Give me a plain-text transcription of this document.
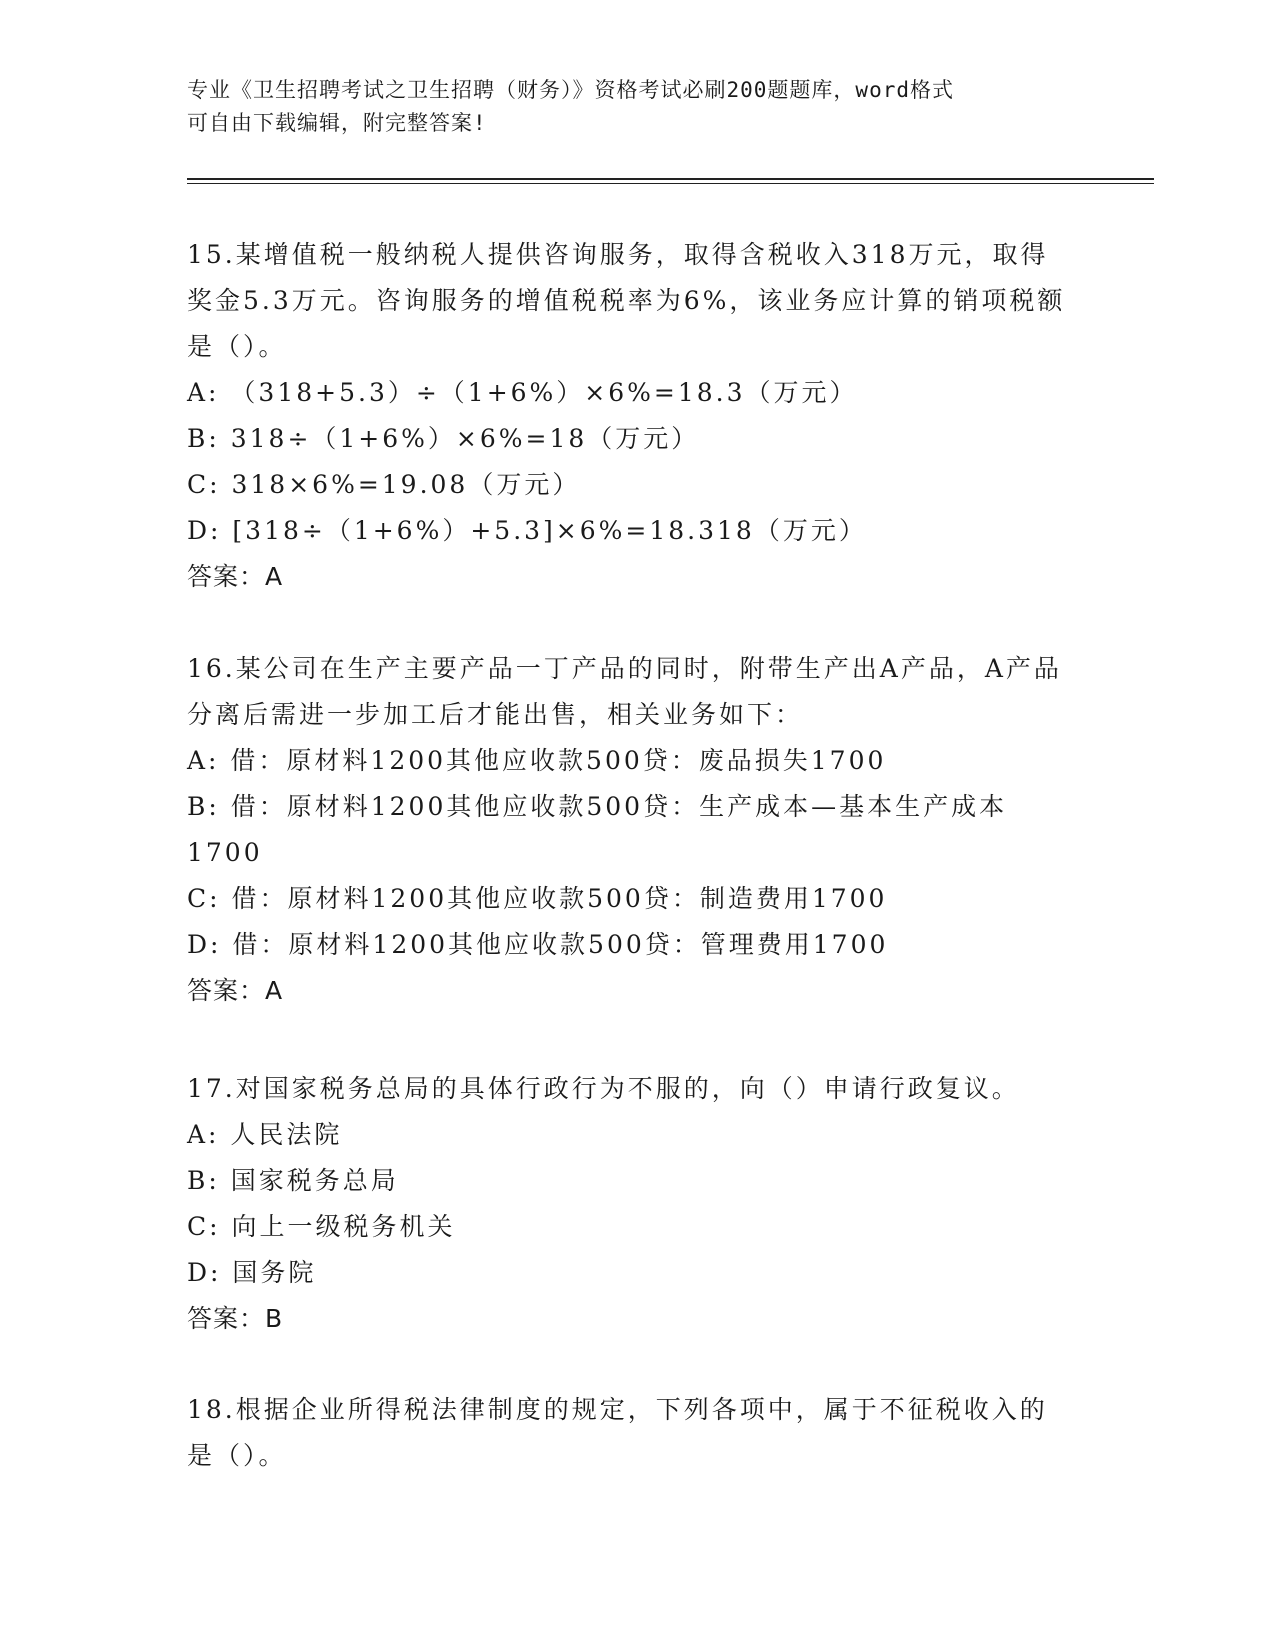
专业《卫生招聘考试之卫生招聘（财务）》资格考试必刷200题题库，word格式
可自由下载编辑，附完整答案!

15.某增值税一般纳税人提供咨询服务，取得含税收入318万元，取得奖金5.3万元。咨询服务的增值税税率为6%，该业务应计算的销项税额是（）。

A: （318+5.3）÷（1+6%）×6%=18.3（万元）

B: 318÷（1+6%）×6%=18（万元）

C: 318×6%=19.08（万元）

D: [318÷（1+6%）+5.3]×6%=18.318（万元）

答案：A

16.某公司在生产主要产品一丁产品的同时，附带生产出A产品，A产品分离后需进一步加工后才能出售，相关业务如下：

A: 借：原材料1200其他应收款500贷：废品损失1700

B: 借：原材料1200其他应收款500贷：生产成本—基本生产成本1700

C: 借：原材料1200其他应收款500贷：制造费用1700

D: 借：原材料1200其他应收款500贷：管理费用1700

答案：A

17.对国家税务总局的具体行政行为不服的，向（）申请行政复议。

A: 人民法院

B: 国家税务总局

C: 向上一级税务机关

D: 国务院

答案：B

18.根据企业所得税法律制度的规定，下列各项中，属于不征税收入的是（）。
